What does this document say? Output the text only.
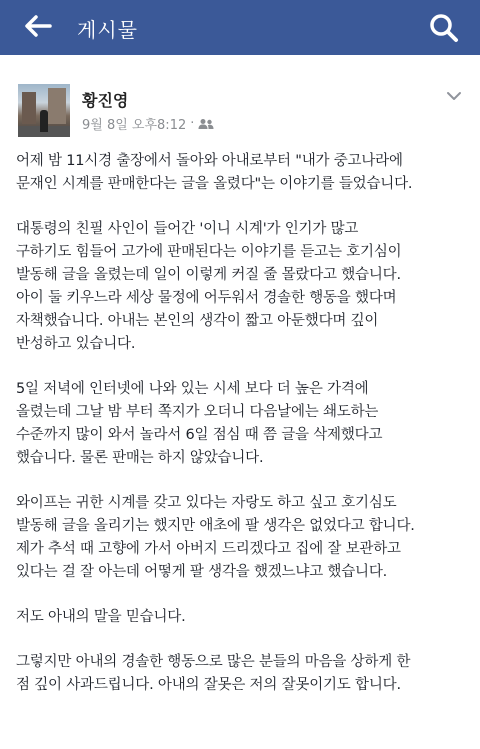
게시물
황진영
9월 8일 오후8:12 ·

어제 밤 11시경 출장에서 돌아와 아내로부터 "내가 중고나라에
문재인 시계를 판매한다는 글을 올렸다"는 이야기를 들었습니다.

대통령의 친필 사인이 들어간 '이니 시계'가 인기가 많고
구하기도 힘들어 고가에 판매된다는 이야기를 듣고는 호기심이
발동해 글을 올렸는데 일이 이렇게 커질 줄 몰랐다고 했습니다.
아이 둘 키우느라 세상 물정에 어두워서 경솔한 행동을 했다며
자책했습니다. 아내는 본인의 생각이 짧고 아둔했다며 깊이
반성하고 있습니다.

5일 저녁에 인터넷에 나와 있는 시세 보다 더 높은 가격에
올렸는데 그날 밤 부터 쪽지가 오더니 다음날에는 쇄도하는
수준까지 많이 와서 놀라서 6일 점심 때 쯤 글을 삭제했다고
했습니다. 물론 판매는 하지 않았습니다.

와이프는 귀한 시계를 갖고 있다는 자랑도 하고 싶고 호기심도
발동해 글을 올리기는 했지만 애초에 팔 생각은 없었다고 합니다.
제가 추석 때 고향에 가서 아버지 드리겠다고 집에 잘 보관하고
있다는 걸 잘 아는데 어떻게 팔 생각을 했겠느냐고 했습니다.

저도 아내의 말을 믿습니다.

그렇지만 아내의 경솔한 행동으로 많은 분들의 마음을 상하게 한
점 깊이 사과드립니다. 아내의 잘못은 저의 잘못이기도 합니다.
